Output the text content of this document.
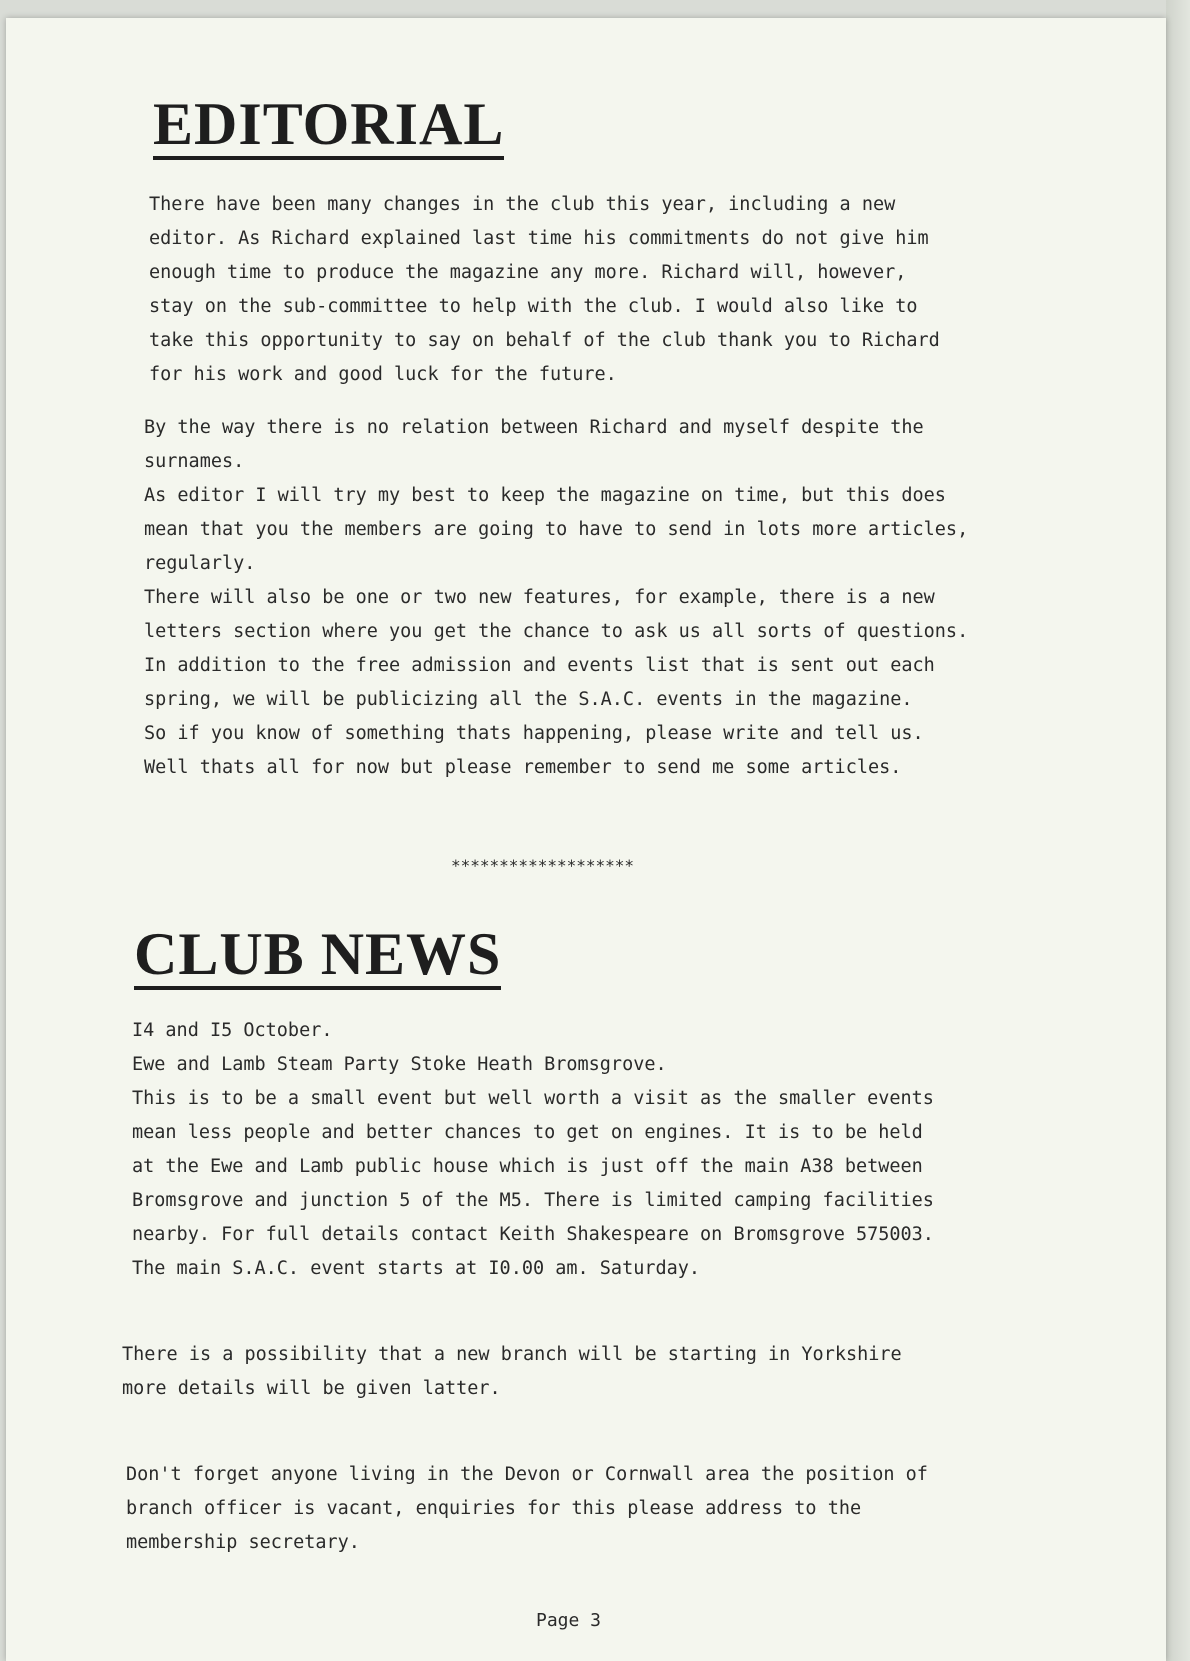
EDITORIAL
There have been many changes in the club this year, including a new
editor. As Richard explained last time his commitments do not give him
enough time to produce the magazine any more. Richard will, however,
stay on the sub-committee to help with the club. I would also like to
take this opportunity to say on behalf of the club thank you to Richard
for his work and good luck for the future.
By the way there is no relation between Richard and myself despite the
surnames.
As editor I will try my best to keep the magazine on time, but this does
mean that you the members are going to have to send in lots more articles,
regularly.
There will also be one or two new features, for example, there is a new
letters section where you get the chance to ask us all sorts of questions.
In addition to the free admission and events list that is sent out each
spring, we will be publicizing all the S.A.C. events in the magazine.
So if you know of something thats happening, please write and tell us.
Well thats all for now but please remember to send me some articles.
*******************
CLUB NEWS
I4 and I5 October.
Ewe and Lamb Steam Party Stoke Heath Bromsgrove.
This is to be a small event but well worth a visit as the smaller events
mean less people and better chances to get on engines. It is to be held
at the Ewe and Lamb public house which is just off the main A38 between
Bromsgrove and junction 5 of the M5. There is limited camping facilities
nearby. For full details contact Keith Shakespeare on Bromsgrove 575003.
The main S.A.C. event starts at I0.00 am. Saturday.
There is a possibility that a new branch will be starting in Yorkshire
more details will be given latter.
Don't forget anyone living in the Devon or Cornwall area the position of
branch officer is vacant, enquiries for this please address to the
membership secretary.
Page 3
